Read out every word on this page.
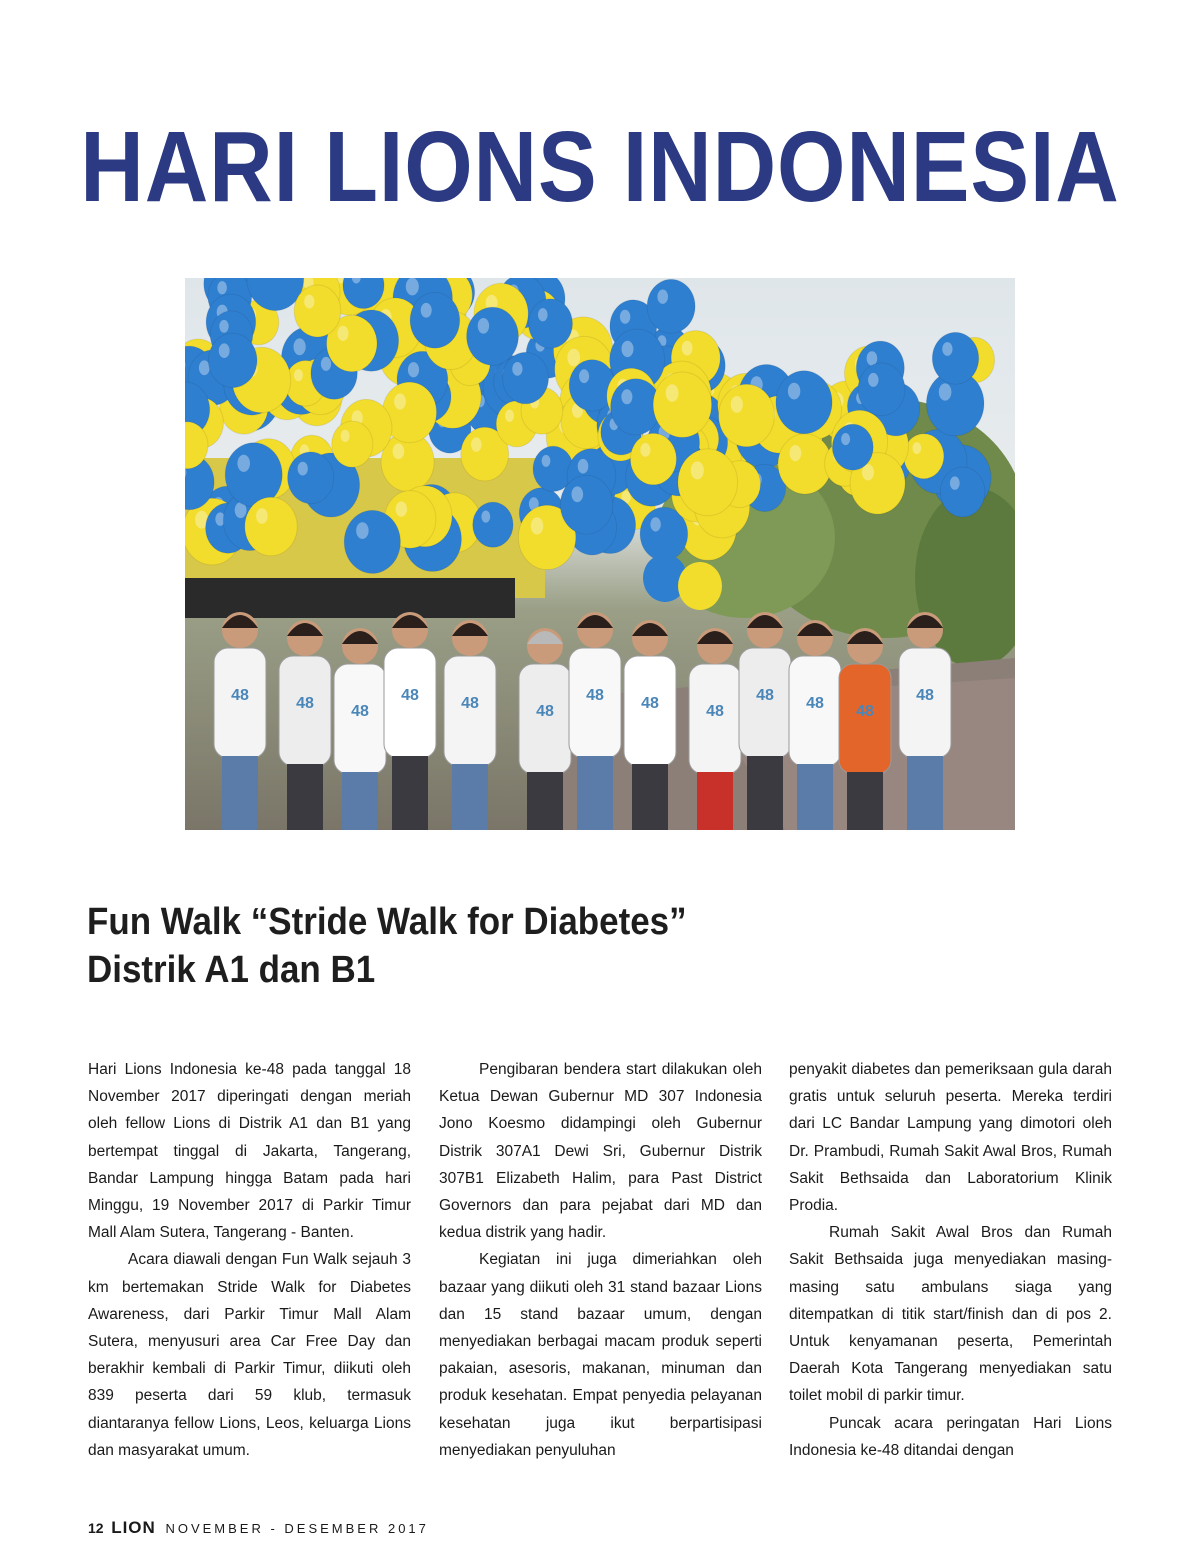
HARI LIONS INDONESIA
48	48 48
48	48	48
48 48	48
48 48 48
48
Fun Walk “Stride Walk for Diabetes”
Distrik A1 dan B1

Hari Lions Indonesia ke-48 pada tanggal 18 November 2017 diperingati dengan meriah oleh fellow Lions di Distrik A1 dan B1 yang bertempat tinggal di Jakarta, Tangerang, Bandar Lampung hingga Batam pada hari Minggu, 19 November 2017 di Parkir Timur Mall Alam Sutera, Tangerang - Banten.

Acara diawali dengan Fun Walk sejauh 3 km bertemakan Stride Walk for Diabetes Awareness, dari Parkir Timur Mall Alam Sutera, menyusuri area Car Free Day dan berakhir kembali di Parkir Timur, diikuti oleh 839 peserta dari 59 klub, termasuk diantaranya fellow Lions, Leos, keluarga Lions dan masyarakat umum.

Pengibaran bendera start dilakukan oleh Ketua Dewan Gubernur MD 307 Indonesia Jono Koesmo didampingi oleh Gubernur Distrik 307A1 Dewi Sri, Gubernur Distrik 307B1 Elizabeth Halim, para Past District Governors dan para pejabat dari MD dan kedua distrik yang hadir.

Kegiatan ini juga dimeriahkan oleh bazaar yang diikuti oleh 31 stand bazaar Lions dan 15 stand bazaar umum, dengan menyediakan berbagai macam produk seperti pakaian, asesoris, makanan, minuman dan produk kesehatan. Empat penyedia pelayanan kesehatan juga ikut berpartisipasi menyediakan penyuluhan

penyakit diabetes dan pemeriksaan gula darah gratis untuk seluruh peserta. Mereka terdiri dari LC Bandar Lampung yang dimotori oleh Dr. Prambudi, Rumah Sakit Awal Bros, Rumah Sakit Bethsaida dan Laboratorium Klinik Prodia.

Rumah Sakit Awal Bros dan Rumah Sakit Bethsaida juga menyediakan masing-masing satu ambulans siaga yang ditempatkan di titik start/finish dan di pos 2. Untuk kenyamanan peserta, Pemerintah Daerah Kota Tangerang menyediakan satu toilet mobil di parkir timur.

Puncak acara peringatan Hari Lions Indonesia ke-48 ditandai dengan

12 LION NOVEMBER - DESEMBER 2017
